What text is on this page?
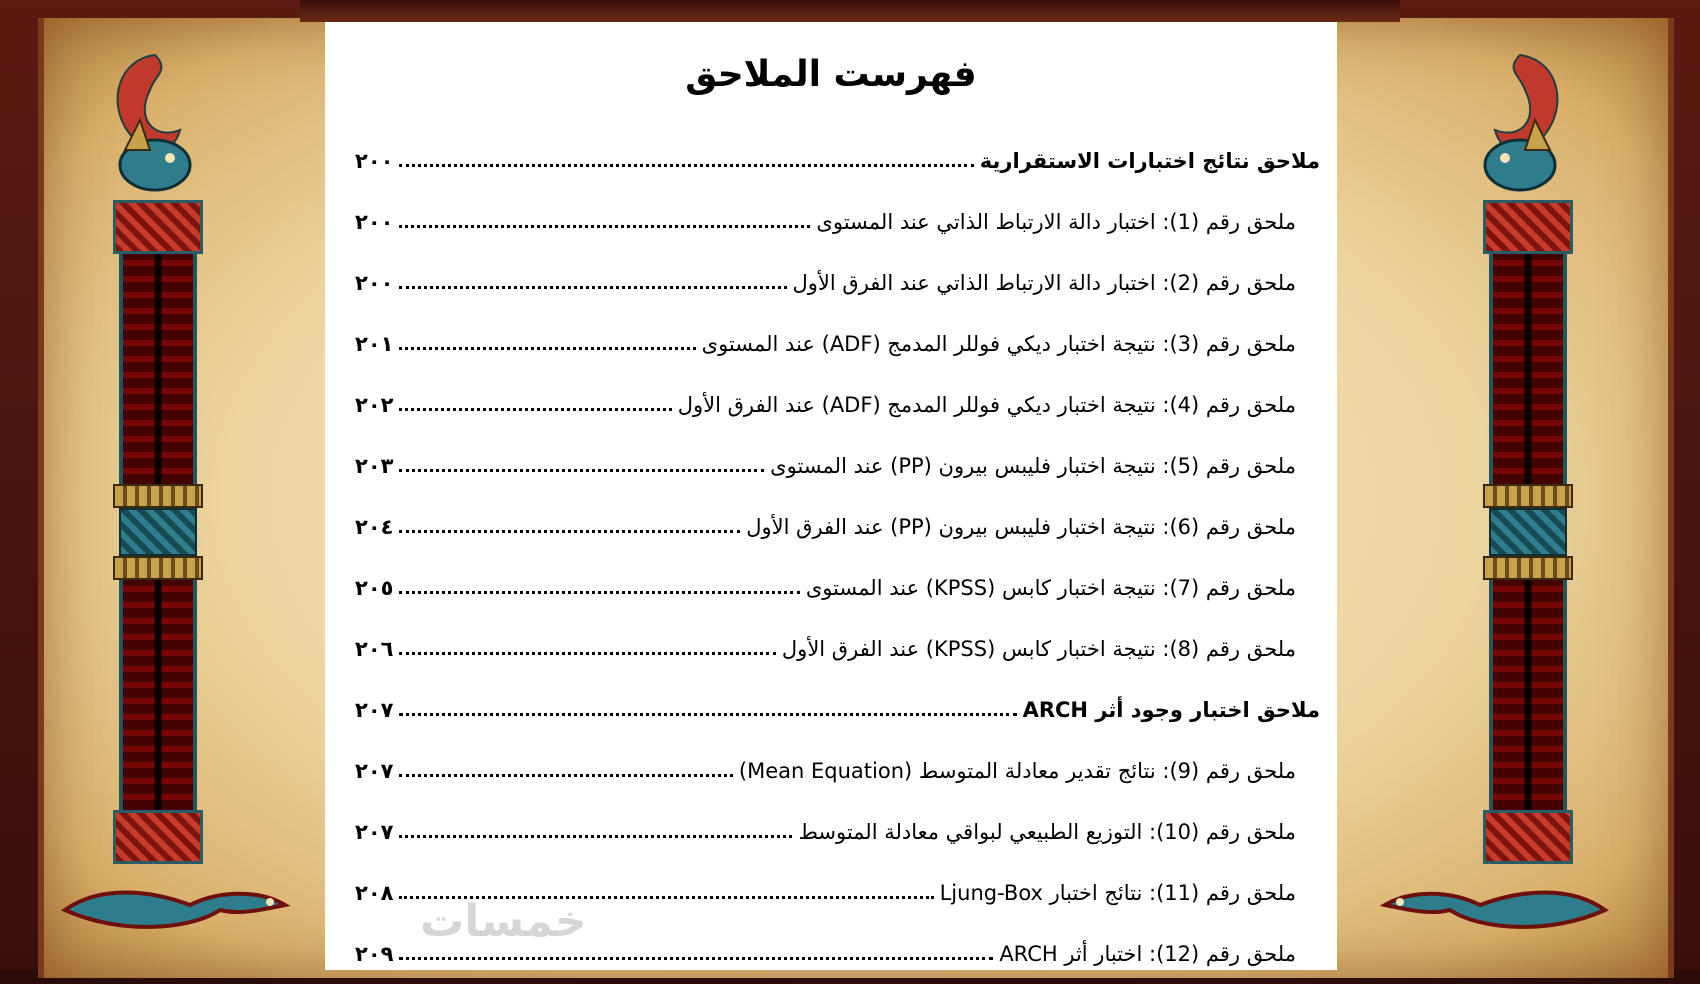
فهرست الملاحق
ملاحق نتائج اختبارات الاستقرارية
٢٠٠
ملحق رقم (1): اختبار دالة الارتباط الذاتي عند المستوى
٢٠٠
ملحق رقم (2): اختبار دالة الارتباط الذاتي عند الفرق الأول
٢٠٠
ملحق رقم (3): نتيجة اختبار ديكي فوللر المدمج (ADF) عند المستوى
٢٠١
ملحق رقم (4): نتيجة اختبار ديكي فوللر المدمج (ADF) عند الفرق الأول
٢٠٢
ملحق رقم (5): نتيجة اختبار فليبس بيرون (PP) عند المستوى
٢٠٣
ملحق رقم (6): نتيجة اختبار فليبس بيرون (PP) عند الفرق الأول
٢٠٤
ملحق رقم (7): نتيجة اختبار كابس (KPSS) عند المستوى
٢٠٥
ملحق رقم (8): نتيجة اختبار كابس (KPSS) عند الفرق الأول
٢٠٦
ملاحق اختبار وجود أثر ARCH
٢٠٧
ملحق رقم (9): نتائج تقدير معادلة المتوسط (Mean Equation)
٢٠٧
ملحق رقم (10): التوزيع الطبيعي لبواقي معادلة المتوسط
٢٠٧
ملحق رقم (11): نتائج اختبار Ljung-Box
٢٠٨
ملحق رقم (12): اختبار أثر ARCH
٢٠٩
خمسات
